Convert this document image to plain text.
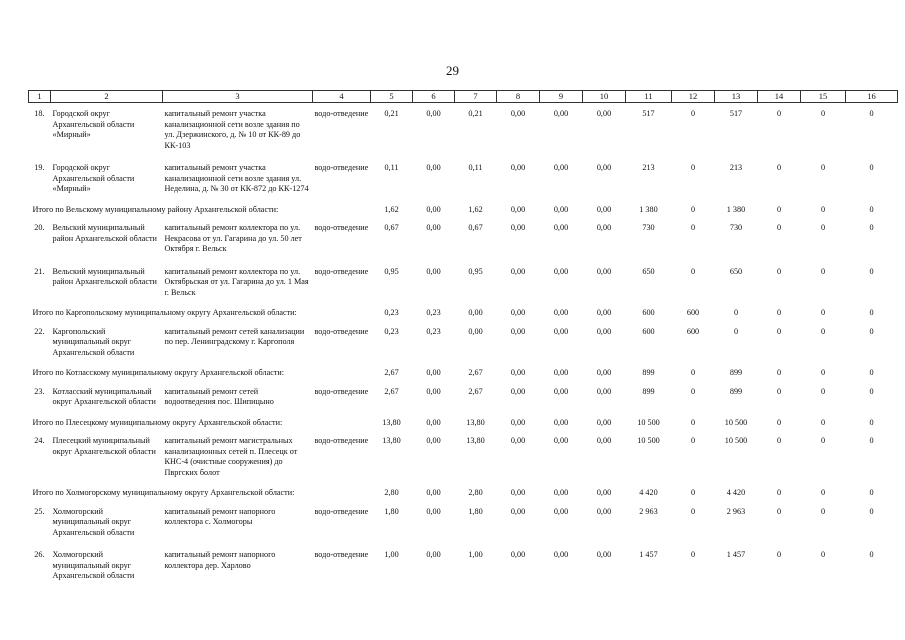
29
1	2	3	4	5	6	7	8	9	10	11	12	13	14	15	16
18.	Городской округ Архангельской области «Мирный»	капитальный ремонт участка канализационной сети возле здания по ул. Дзержинского, д. № 10 от КК-89 до КК-103	водо-отведение	0,21	0,00	0,21	0,00	0,00	0,00	517	0	517	0	0	0
19.	Городской округ Архангельской области «Мирный»	капитальный ремонт участка канализационной сети возле здания ул. Неделина, д. № 30 от КК-872 до КК-1274	водо-отведение	0,11	0,00	0,11	0,00	0,00	0,00	213	0	213	0	0	0
Итого по Вельскому муниципальному району Архангельской области:				1,62	0,00	1,62	0,00	0,00	0,00	1 380	0	1 380	0	0	0
20.	Вельский муниципальный район Архангельской области	капитальный ремонт коллектора по ул. Некрасова от ул. Гагарина до ул. 50 лет Октября г. Вельск	водо-отведение	0,67	0,00	0,67	0,00	0,00	0,00	730	0	730	0	0	0
21.	Вельский муниципальный район Архангельской области	капитальный ремонт коллектора по ул. Октябрьская от ул. Гагарина до ул. 1 Мая г. Вельск	водо-отведение	0,95	0,00	0,95	0,00	0,00	0,00	650	0	650	0	0	0
Итого по Каргопольскому муниципальному округу Архангельской области:				0,23	0,23	0,00	0,00	0,00	0,00	600	600	0	0	0	0
22.	Каргопольский муниципальный округ Архангельской области	капитальный ремонт сетей канализации по пер. Ленинградскому г. Каргополя	водо-отведение	0,23	0,23	0,00	0,00	0,00	0,00	600	600	0	0	0	0
Итого по Котласскому муниципальному округу Архангельской области:				2,67	0,00	2,67	0,00	0,00	0,00	899	0	899	0	0	0
23.	Котласский муниципальный округ Архангельской области	капитальный ремонт сетей водоотведения пос. Шипицыно	водо-отведение	2,67	0,00	2,67	0,00	0,00	0,00	899	0	899	0	0	0
Итого по Плесецкому муниципальному округу Архангельской области:				13,80	0,00	13,80	0,00	0,00	0,00	10 500	0	10 500	0	0	0
24.	Плесецкий муниципальный округ Архангельской области	капитальный ремонт магистральных канализационных сетей п. Плесецк от КНС-4 (очистные сооружения) до Пвргских болот	водо-отведение	13,80	0,00	13,80	0,00	0,00	0,00	10 500	0	10 500	0	0	0
Итого по Холмогорскому муниципальному округу Архангельской области:				2,80	0,00	2,80	0,00	0,00	0,00	4 420	0	4 420	0	0	0
25.	Холмогорский муниципальный округ Архангельской области	капитальный ремонт напорного коллектора с. Холмогоры	водо-отведение	1,80	0,00	1,80	0,00	0,00	0,00	2 963	0	2 963	0	0	0
26.	Холмогорский муниципальный округ Архангельской области	капитальный ремонт напорного коллектора дер. Харлово	водо-отведение	1,00	0,00	1,00	0,00	0,00	0,00	1 457	0	1 457	0	0	0
